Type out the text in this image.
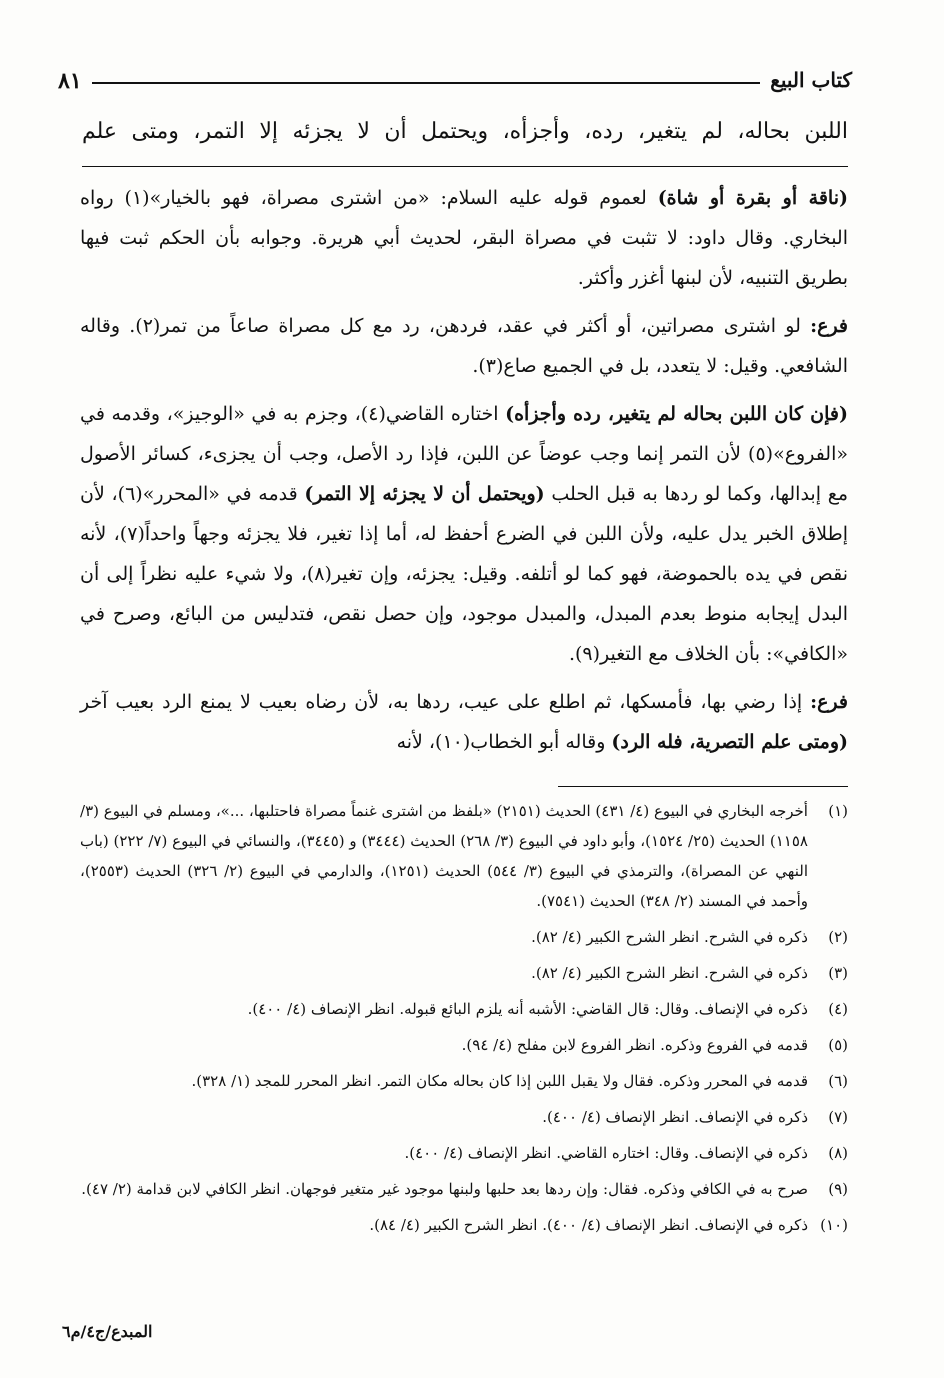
كتاب البيع
٨١
اللبن بحاله، لم يتغير، رده، وأجزأه، ويحتمل أن لا يجزئه إلا التمر، ومتى علم

(ناقة أو بقرة أو شاة) لعموم قوله عليه السلام: «من اشترى مصراة، فهو بالخيار»(١) رواه البخاري. وقال داود: لا تثبت في مصراة البقر، لحديث أبي هريرة. وجوابه بأن الحكم ثبت فيها بطريق التنبيه، لأن لبنها أغزر وأكثر.

فرع: لو اشترى مصراتين، أو أكثر في عقد، فردهن، رد مع كل مصراة صاعاً من تمر(٢). وقاله الشافعي. وقيل: لا يتعدد، بل في الجميع صاع(٣).

(فإن كان اللبن بحاله لم يتغير، رده وأجزأه) اختاره القاضي(٤)، وجزم به في «الوجيز»، وقدمه في «الفروع»(٥) لأن التمر إنما وجب عوضاً عن اللبن، فإذا رد الأصل، وجب أن يجزىء، كسائر الأصول مع إبدالها، وكما لو ردها به قبل الحلب (ويحتمل أن لا يجزئه إلا التمر) قدمه في «المحرر»(٦)، لأن إطلاق الخبر يدل عليه، ولأن اللبن في الضرع أحفظ له، أما إذا تغير، فلا يجزئه وجهاً واحداً(٧)، لأنه نقص في يده بالحموضة، فهو كما لو أتلفه. وقيل: يجزئه، وإن تغير(٨)، ولا شيء عليه نظراً إلى أن البدل إيجابه منوط بعدم المبدل، والمبدل موجود، وإن حصل نقص، فتدليس من البائع، وصرح في «الكافي»: بأن الخلاف مع التغير(٩).

فرع: إذا رضي بها، فأمسكها، ثم اطلع على عيب، ردها به، لأن رضاه بعيب لا يمنع الرد بعيب آخر (ومتى علم التصرية، فله الرد) وقاله أبو الخطاب(١٠)، لأنه

(١)
أخرجه البخاري في البيوع (٤/ ٤٣١) الحديث (٢١٥١) «بلفظ من اشترى غنماً مصراة فاحتلبها، ...»، ومسلم في البيوع (٣/ ١١٥٨) الحديث (٢٥/ ١٥٢٤)، وأبو داود في البيوع (٣/ ٢٦٨) الحديث (٣٤٤٤) و (٣٤٤٥)، والنسائي في البيوع (٧/ ٢٢٢) (باب النهي عن المصراة)، والترمذي في البيوع (٣/ ٥٤٤) الحديث (١٢٥١)، والدارمي في البيوع (٢/ ٣٢٦) الحديث (٢٥٥٣)، وأحمد في المسند (٢/ ٣٤٨) الحديث (٧٥٤١).
(٢)
ذكره في الشرح. انظر الشرح الكبير (٤/ ٨٢).
(٣)
ذكره في الشرح. انظر الشرح الكبير (٤/ ٨٢).
(٤)
ذكره في الإنصاف. وقال: قال القاضي: الأشبه أنه يلزم البائع قبوله. انظر الإنصاف (٤/ ٤٠٠).
(٥)
قدمه في الفروع وذكره. انظر الفروع لابن مفلح (٤/ ٩٤).
(٦)
قدمه في المحرر وذكره. فقال ولا يقبل اللبن إذا كان بحاله مكان التمر. انظر المحرر للمجد (١/ ٣٢٨).
(٧)
ذكره في الإنصاف. انظر الإنصاف (٤/ ٤٠٠).
(٨)
ذكره في الإنصاف. وقال: اختاره القاضي. انظر الإنصاف (٤/ ٤٠٠).
(٩)
صرح به في الكافي وذكره. فقال: وإن ردها بعد حلبها ولبنها موجود غير متغير فوجهان. انظر الكافي لابن قدامة (٢/ ٤٧).
(١٠)
ذكره في الإنصاف. انظر الإنصاف (٤/ ٤٠٠). انظر الشرح الكبير (٤/ ٨٤).
المبدع/ج٤/م٦
